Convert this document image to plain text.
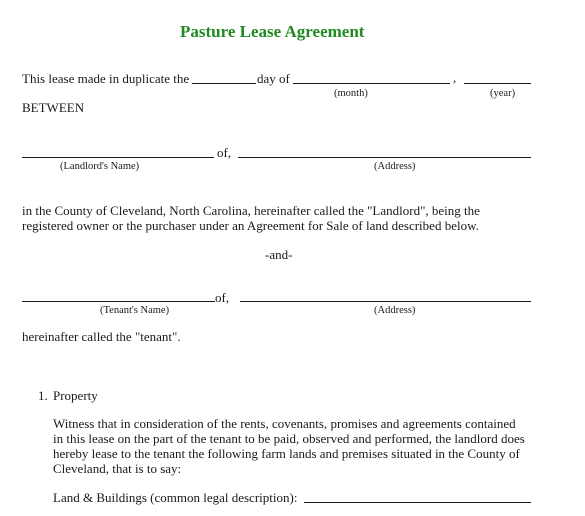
Pasture Lease Agreement
This lease made in duplicate the	day of	,
(month)	(year)
BETWEEN
of,
(Landlord's Name)	(Address)
in the County of Cleveland, North Carolina, hereinafter called the "Landlord", being the
registered owner or the purchaser under an Agreement for Sale of land described below.
-and-
of,
(Tenant's Name)	(Address)
hereinafter called the "tenant".
1. Property
Witness that in consideration of the rents, covenants, promises and agreements contained
in this lease on the part of the tenant to be paid, observed and performed, the landlord does
hereby lease to the tenant the following farm lands and premises situated in the County of
Cleveland, that is to say:
Land & Buildings (common legal description):
